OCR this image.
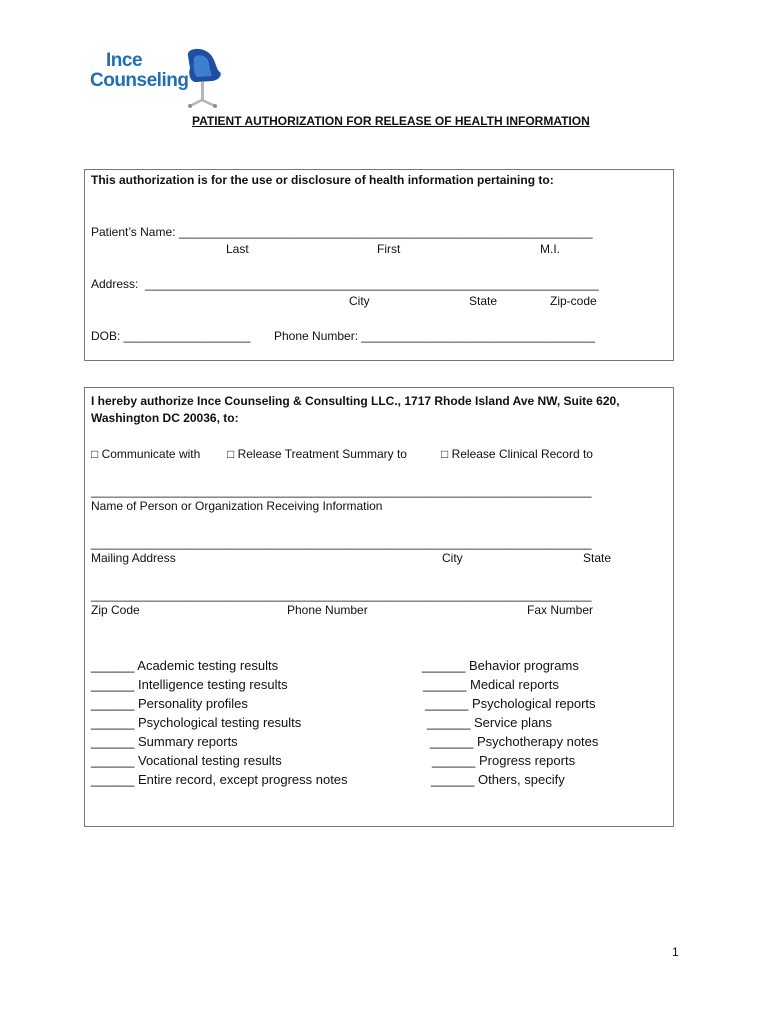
Ince
Counseling
PATIENT AUTHORIZATION FOR RELEASE OF HEALTH INFORMATION
This authorization is for the use or disclosure of health information pertaining to:
Patient’s Name: ______________________________________________________________
Last	First	M.I.
Address:  ____________________________________________________________________
City	State	Zip-code
DOB: ___________________ Phone Number: ___________________________________
I hereby authorize Ince Counseling & Consulting LLC., 1717 Rhode Island Ave NW, Suite 620,
Washington DC 20036, to:
□ Communicate with □ Release Treatment Summary to	□ Release Clinical Record to
___________________________________________________________________________
Name of Person or Organization Receiving Information
___________________________________________________________________________
Mailing Address	City	State
___________________________________________________________________________
Zip Code	Phone Number	Fax Number
______ Academic testing results
______ Intelligence testing results
______ Personality profiles
______ Psychological testing results
______ Summary reports
______ Vocational testing results
______ Entire record, except progress notes
______ Behavior programs
______ Medical reports
______ Psychological reports
______ Service plans
______ Psychotherapy notes
______ Progress reports
______ Others, specify
1
